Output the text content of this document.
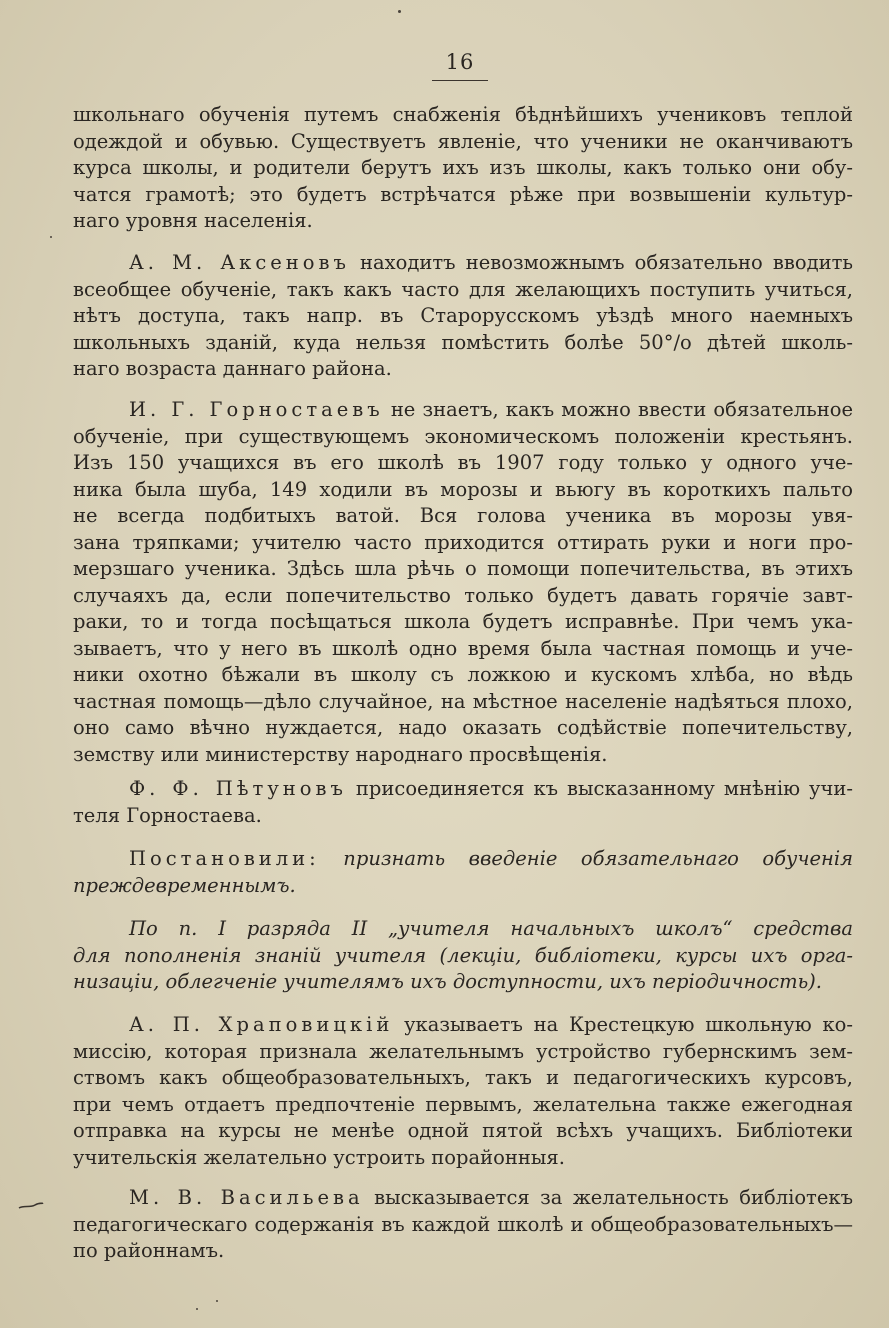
16
школьнаго обученія путемъ снабженія бѣднѣйшихъ учениковъ теплой
одеждой и обувью. Существуетъ явленіе, что ученики не оканчиваютъ
курса школы, и родители берутъ ихъ изъ школы, какъ только они обу-
чатся грамотѣ; это будетъ встрѣчатся рѣже при возвышеніи культур-
наго уровня населенія.
А. М. Аксеновъ находитъ невозможнымъ обязательно вводить
всеобщее обученіе, такъ какъ часто для желающихъ поступить учиться,
нѣтъ доступа, такъ напр. въ Старорусскомъ уѣздѣ много наемныхъ
школьныхъ зданій, куда нельзя помѣстить болѣе 50°/о дѣтей школь-
наго возраста даннаго района.
И. Г. Горностаевъ не знаетъ, какъ можно ввести обязательное
обученіе, при существующемъ экономическомъ положеніи крестьянъ.
Изъ 150 учащихся въ его школѣ въ 1907 году только у одного уче-
ника была шуба, 149 ходили въ морозы и вьюгу въ короткихъ пальто
не всегда подбитыхъ ватой. Вся голова ученика въ морозы увя-
зана тряпками; учителю часто приходится оттирать руки и ноги про-
мерзшаго ученика. Здѣсь шла рѣчь о помощи попечительства, въ этихъ
случаяхъ да, если попечительство только будетъ давать горячіе завт-
раки, то и тогда посѣщаться школа будетъ исправнѣе. При чемъ ука-
зываетъ, что у него въ школѣ одно время была частная помощь и уче-
ники охотно бѣжали въ школу съ ложкою и кускомъ хлѣба, но вѣдь
частная помощь—дѣло случайное, на мѣстное населеніе надѣяться плохо,
оно само вѣчно нуждается, надо оказать содѣйствіе попечительству,
земству или министерству народнаго просвѣщенія.
Ф. Ф. Пѣтуновъ присоединяется къ высказанному мнѣнію учи-
теля Горностаева.
Постановили: признать введеніе обязательнаго обученія
преждевременнымъ.
По п. I разряда II „учителя начальныхъ школъ“ средства
для пополненія знаній учителя (лекціи, библіотеки, курсы ихъ орга-
низаціи, облегченіе учителямъ ихъ доступности, ихъ періодичность).
А. П. Храповицкій указываетъ на Крестецкую школьную ко-
миссію, которая признала желательнымъ устройство губернскимъ зем-
ствомъ какъ общеобразовательныхъ, такъ и педагогическихъ курсовъ,
при чемъ отдаетъ предпочтеніе первымъ, желательна также ежегодная
отправка на курсы не менѣе одной пятой всѣхъ учащихъ. Библіотеки
учительскія желательно устроить порайонныя.
М. В. Васильева высказывается за желательность библіотекъ
педагогическаго содержанія въ каждой школѣ и общеобразовательныхъ—
по районнамъ.
